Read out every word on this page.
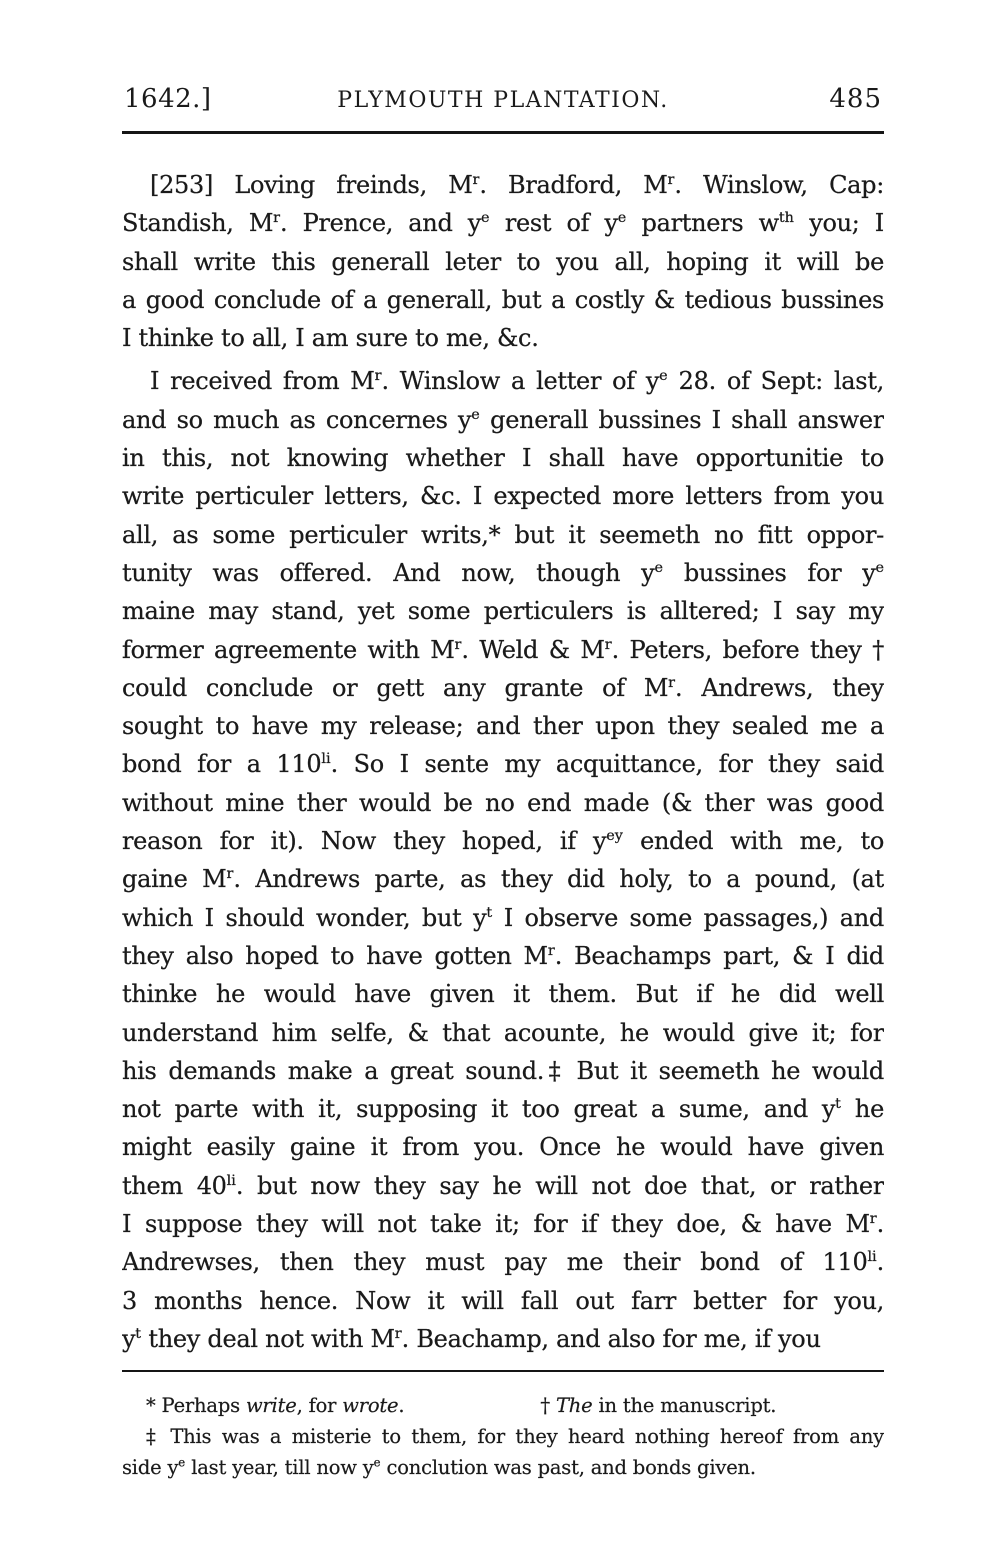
1642.]	PLYMOUTH PLANTATION.	485
[253] Loving freinds, $M^r$. Bradford, $M^r$. Winslow, Cap:
Standish, $M^r$. Prence, and $y^e$ rest of $y^e$ partners $w^{th}$ you; I
shall write this generall leter to you all, hoping it will be
a good conclude of a generall, but a costly & tedious bussines
I thinke to all, I am sure to me, &c.
I received from $M^r$. Winslow a letter of $y^e$ 28. of Sept: last,
and so much as concernes $y^e$ generall bussines I shall answer
in this, not knowing whether I shall have opportunitie to
write perticuler letters, &c. I expected more letters from you
all, as some perticuler writs,* but it seemeth no fitt oppor-
tunity was offered. And now, though $y^e$ bussines for $y^e$
maine may stand, yet some perticulers is alltered; I say my
former agreemente with $M^r$. Weld & $M^r$. Peters, before they †
could conclude or gett any grante of $M^r$. Andrews, they
sought to have my release; and ther upon they sealed me a
bond for a $110^{li}$. So I sente my acquittance, for they said
without mine ther would be no end made (& ther was good
reason for it). Now they hoped, if $y^{ey}$ ended with me, to
gaine $M^r$. Andrews parte, as they did holy, to a pound, (at
which I should wonder, but $y^t$ I observe some passages,) and
they also hoped to have gotten $M^r$. Beachamps part, & I did
thinke he would have given it them. But if he did well
understand him selfe, & that acounte, he would give it; for
his demands make a great sound.‡ But it seemeth he would
not parte with it, supposing it too great a sume, and $y^t$ he
might easily gaine it from you. Once he would have given
them $40^{li}$. but now they say he will not doe that, or rather
I suppose they will not take it; for if they doe, & have $M^r$.
Andrewses, then they must pay me their bond of $110^{li}$.
3 months hence. Now it will fall out farr better for you,
$y^t$ they deal not with $M^r$. Beachamp, and also for me, if you
* Perhaps write, for wrote.	† The in the manuscript.
‡ This was a misterie to them, for they heard nothing hereof from any
side $y^e$ last year, till now $y^e$ conclution was past, and bonds given.
